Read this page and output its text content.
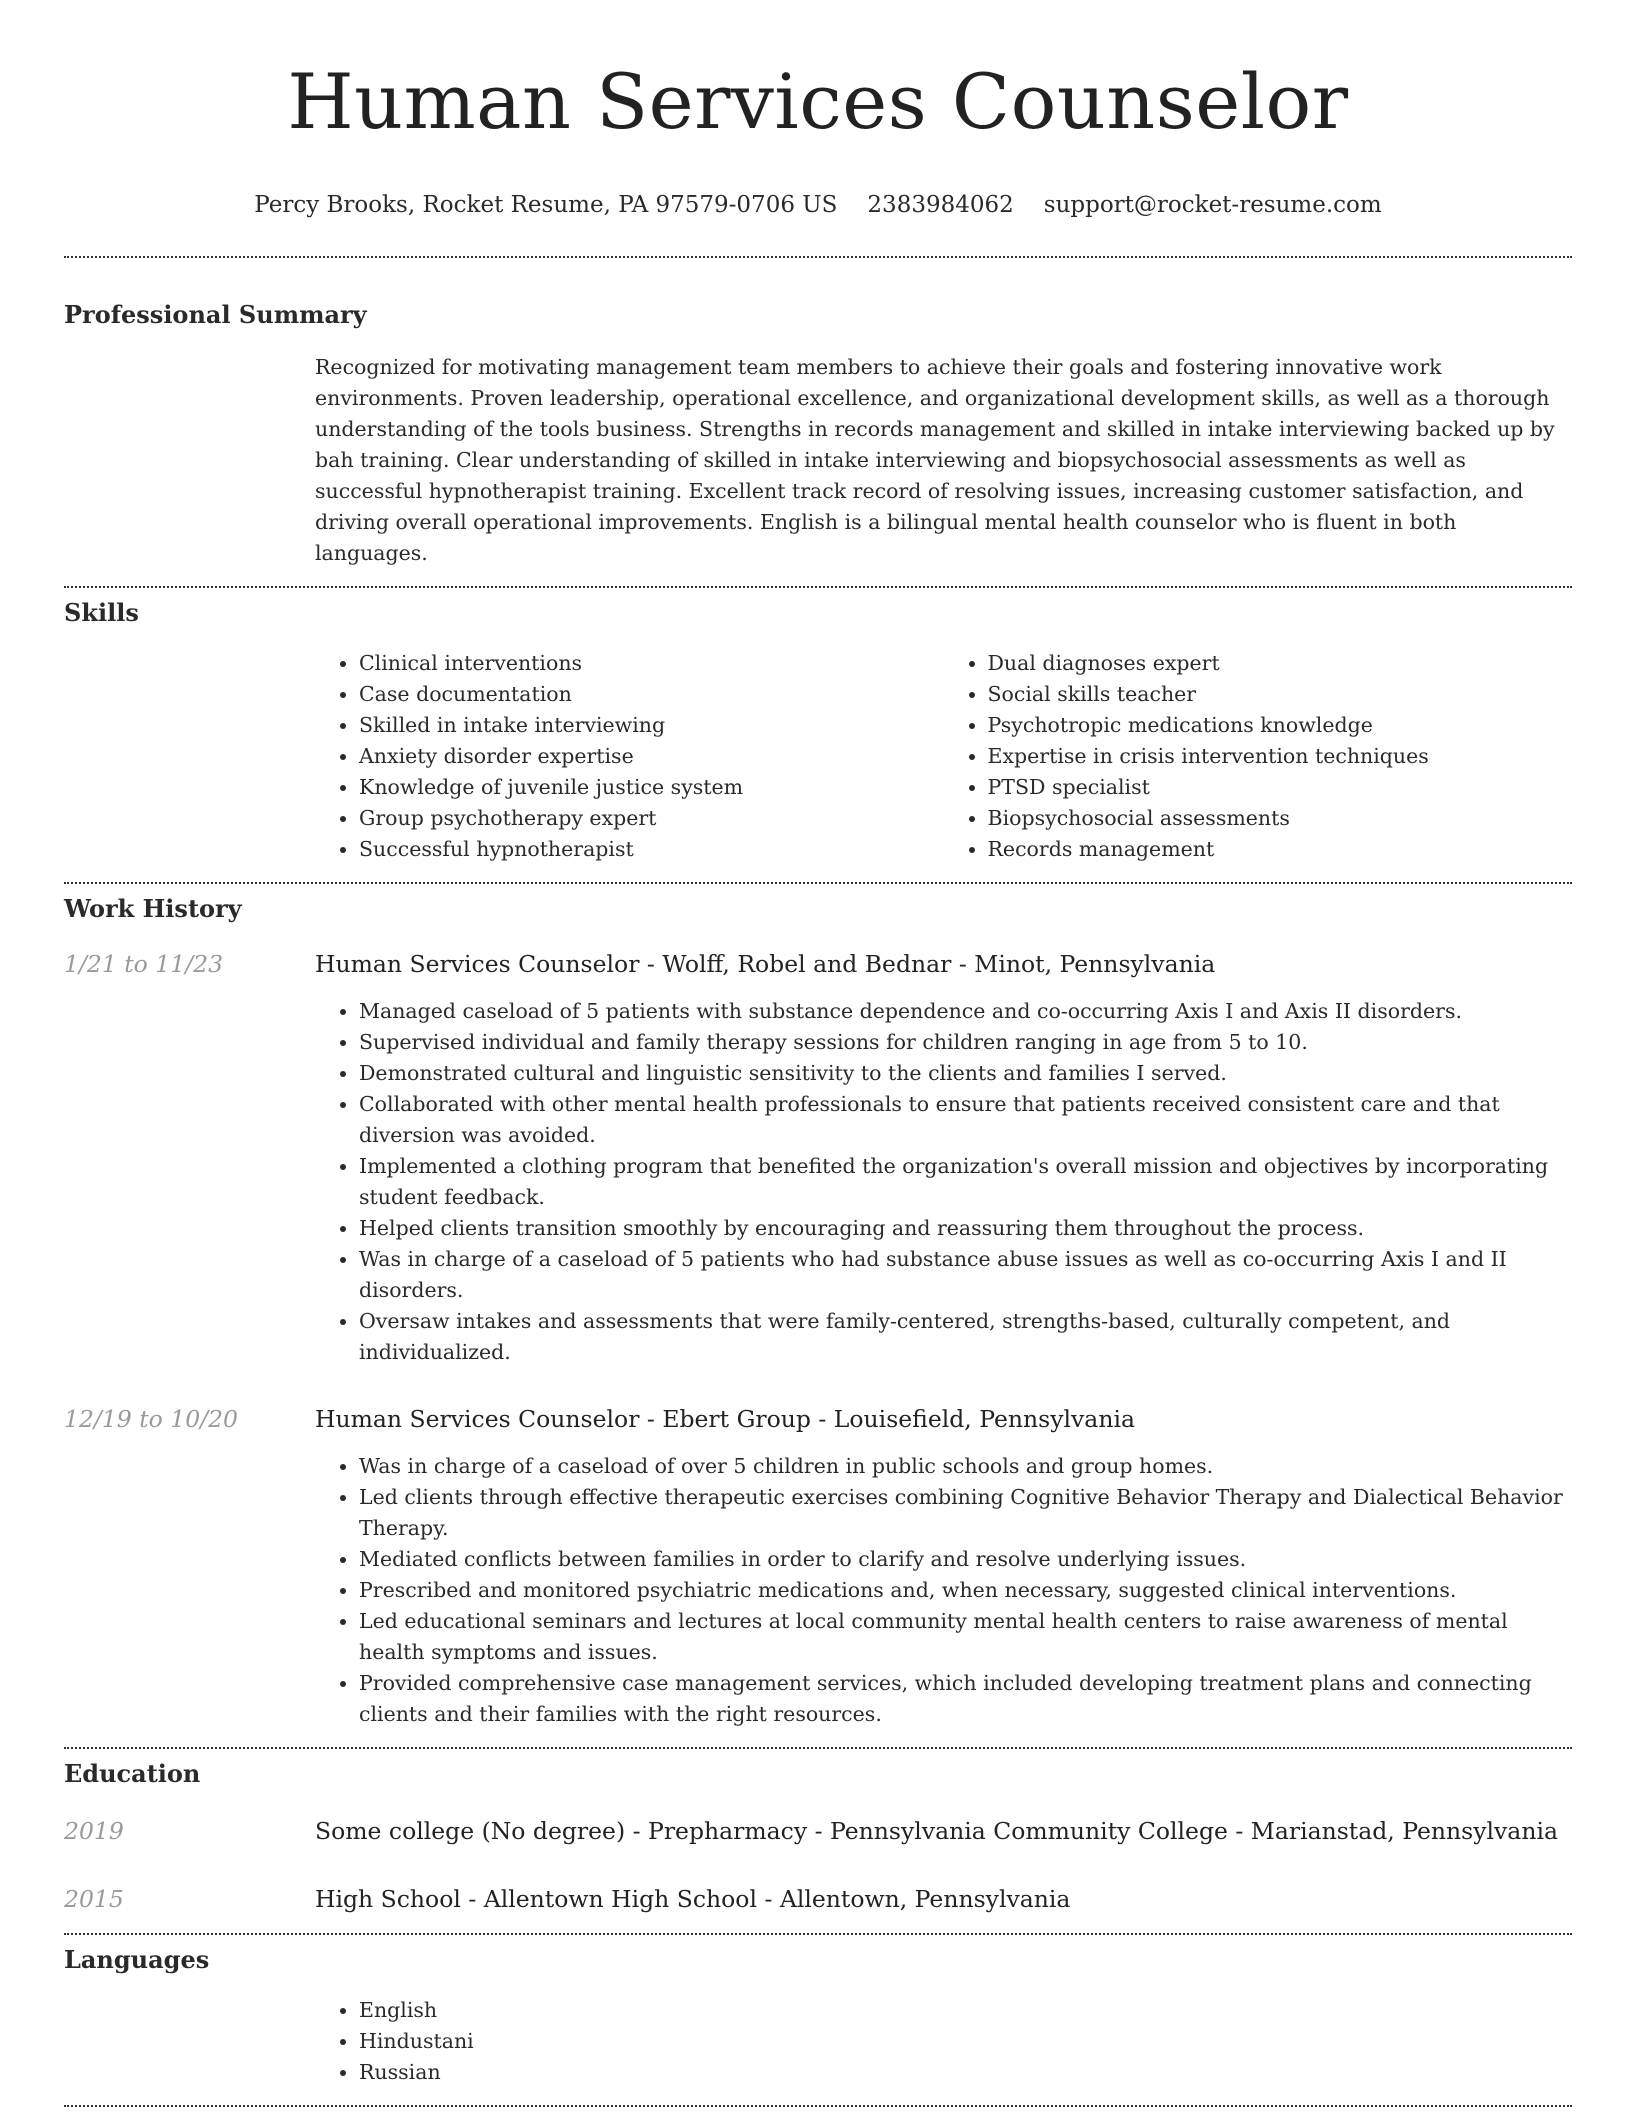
Human Services Counselor
Percy Brooks, Rocket Resume, PA 97579-0706 US 2383984062 support@rocket-resume.com
Professional Summary
Recognized for motivating management team members to achieve their goals and fostering innovative work environments. Proven leadership, operational excellence, and organizational development skills, as well as a thorough understanding of the tools business. Strengths in records management and skilled in intake interviewing backed up by bah training. Clear understanding of skilled in intake interviewing and biopsychosocial assessments as well as successful hypnotherapist training. Excellent track record of resolving issues, increasing customer satisfaction, and driving overall operational improvements. English is a bilingual mental health counselor who is fluent in both languages.
Skills
• Clinical interventions
• Case documentation
• Skilled in intake interviewing
• Anxiety disorder expertise
• Knowledge of juvenile justice system
• Group psychotherapy expert
• Successful hypnotherapist
• Dual diagnoses expert
• Social skills teacher
• Psychotropic medications knowledge
• Expertise in crisis intervention techniques
• PTSD specialist
• Biopsychosocial assessments
• Records management
Work History
1/21 to 11/23	Human Services Counselor - Wolff, Robel and Bednar - Minot, Pennsylvania
• Managed caseload of 5 patients with substance dependence and co-occurring Axis I and Axis II disorders.
• Supervised individual and family therapy sessions for children ranging in age from 5 to 10.
• Demonstrated cultural and linguistic sensitivity to the clients and families I served.
• Collaborated with other mental health professionals to ensure that patients received consistent care and that diversion was avoided.
• Implemented a clothing program that benefited the organization's overall mission and objectives by incorporating student feedback.
• Helped clients transition smoothly by encouraging and reassuring them throughout the process.
• Was in charge of a caseload of 5 patients who had substance abuse issues as well as co-occurring Axis I and II disorders.
• Oversaw intakes and assessments that were family-centered, strengths-based, culturally competent, and individualized.
12/19 to 10/20	Human Services Counselor - Ebert Group - Louisefield, Pennsylvania
• Was in charge of a caseload of over 5 children in public schools and group homes.
• Led clients through effective therapeutic exercises combining Cognitive Behavior Therapy and Dialectical Behavior Therapy.
• Mediated conflicts between families in order to clarify and resolve underlying issues.
• Prescribed and monitored psychiatric medications and, when necessary, suggested clinical interventions.
• Led educational seminars and lectures at local community mental health centers to raise awareness of mental health symptoms and issues.
• Provided comprehensive case management services, which included developing treatment plans and connecting clients and their families with the right resources.
Education
2019	Some college (No degree) - Prepharmacy - Pennsylvania Community College - Marianstad, Pennsylvania
2015	High School - Allentown High School - Allentown, Pennsylvania
Languages
• English
• Hindustani
• Russian
